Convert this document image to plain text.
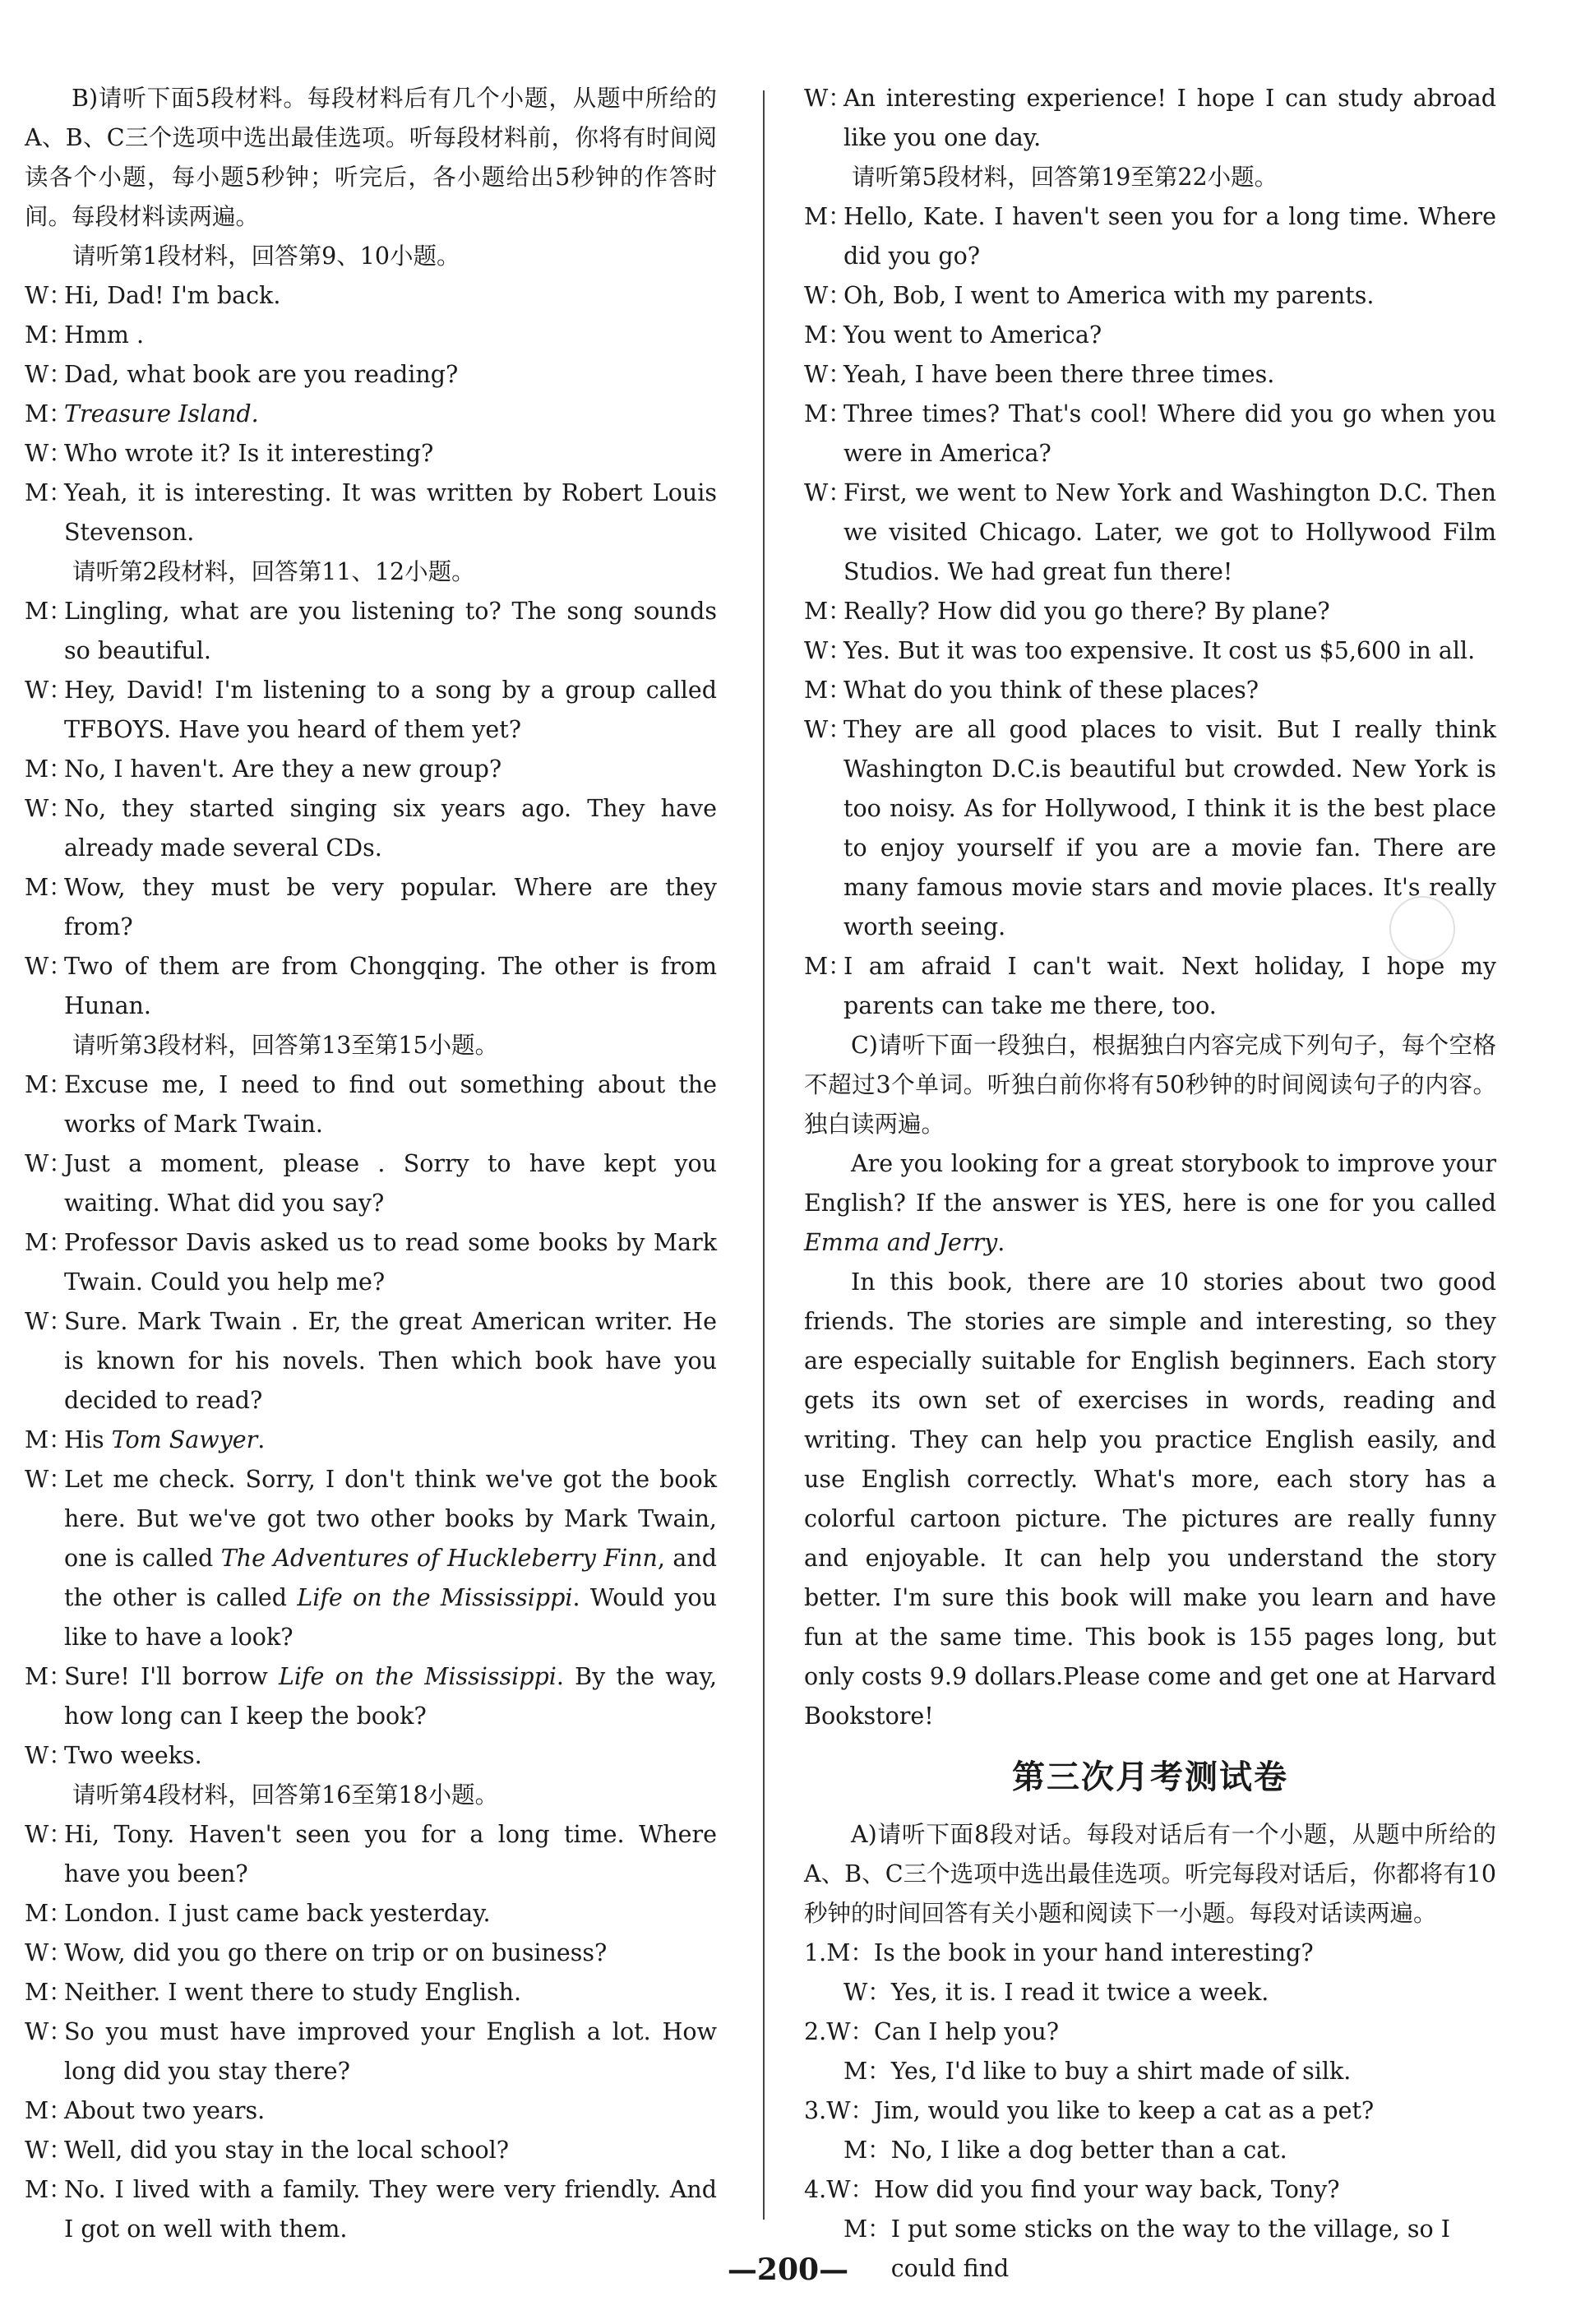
B)请听下面5段材料。每段材料后有几个小题，从题中所给的A、B、C三个选项中选出最佳选项。听每段材料前，你将有时间阅读各个小题，每小题5秒钟；听完后，各小题给出5秒钟的作答时间。每段材料读两遍。

请听第1段材料，回答第9、10小题。

W：
Hi, Dad! I'm back.
M：
Hmm .
W：
Dad, what book are you reading?
M：
Treasure Island.
W：
Who wrote it? Is it interesting?
M：
Yeah, it is interesting. It was written by Robert Louis Stevenson.

请听第2段材料，回答第11、12小题。

M：
Lingling, what are you listening to? The song sounds so beautiful.
W：
Hey, David! I'm listening to a song by a group called TFBOYS. Have you heard of them yet?
M：
No, I haven't. Are they a new group?
W：
No, they started singing six years ago. They have already made several CDs.
M：
Wow, they must be very popular. Where are they from?
W：
Two of them are from Chongqing. The other is from Hunan.

请听第3段材料，回答第13至第15小题。

M：
Excuse me, I need to find out something about the works of Mark Twain.
W：
Just a moment, please . Sorry to have kept you waiting. What did you say?
M：
Professor Davis asked us to read some books by Mark Twain. Could you help me?
W：
Sure. Mark Twain . Er, the great American writer. He is known for his novels. Then which book have you decided to read?
M：
His Tom Sawyer.
W：
Let me check. Sorry, I don't think we've got the book here. But we've got two other books by Mark Twain, one is called The Adventures of Huckleberry Finn, and the other is called Life on the Mississippi. Would you like to have a look?
M：
Sure! I'll borrow Life on the Mississippi. By the way, how long can I keep the book?
W：
Two weeks.

请听第4段材料，回答第16至第18小题。

W：
Hi, Tony. Haven't seen you for a long time. Where have you been?
M：
London. I just came back yesterday.
W：
Wow, did you go there on trip or on business?
M：
Neither. I went there to study English.
W：
So you must have improved your English a lot. How long did you stay there?
M：
About two years.
W：
Well, did you stay in the local school?
M：
No. I lived with a family. They were very friendly. And I got on well with them.
W：
An interesting experience! I hope I can study abroad like you one day.

请听第5段材料，回答第19至第22小题。

M：
Hello, Kate. I haven't seen you for a long time. Where did you go?
W：
Oh, Bob, I went to America with my parents.
M：
You went to America?
W：
Yeah, I have been there three times.
M：
Three times? That's cool! Where did you go when you were in America?
W：
First, we went to New York and Washington D.C. Then we visited Chicago. Later, we got to Hollywood Film Studios. We had great fun there!
M：
Really? How did you go there? By plane?
W：
Yes. But it was too expensive. It cost us $5,600 in all.
M：
What do you think of these places?
W：
They are all good places to visit. But I really think Washington D.C.is beautiful but crowded. New York is too noisy. As for Hollywood, I think it is the best place to enjoy yourself if you are a movie fan. There are many famous movie stars and movie places. It's really worth seeing.
M：
I am afraid I can't wait. Next holiday, I hope my parents can take me there, too.

C)请听下面一段独白，根据独白内容完成下列句子，每个空格不超过3个单词。听独白前你将有50秒钟的时间阅读句子的内容。独白读两遍。

Are you looking for a great storybook to improve your English? If the answer is YES, here is one for you called Emma and Jerry.

In this book, there are 10 stories about two good friends. The stories are simple and interesting, so they are especially suitable for English beginners. Each story gets its own set of exercises in words, reading and writing. They can help you practice English easily, and use English correctly. What's more, each story has a colorful cartoon picture. The pictures are really funny and enjoyable. It can help you understand the story better. I'm sure this book will make you learn and have fun at the same time. This book is 155 pages long, but only costs 9.9 dollars.Please come and get one at Harvard Bookstore!

第三次月考测试卷

A)请听下面8段对话。每段对话后有一个小题，从题中所给的A、B、C三个选项中选出最佳选项。听完每段对话后，你都将有10秒钟的时间回答有关小题和阅读下一小题。每段对话读两遍。

1.M： Is the book in your hand interesting?
W： Yes, it is. I read it twice a week.
2.W： Can I help you?
M： Yes, I'd like to buy a shirt made of silk.
3.W： Jim, would you like to keep a cat as a pet?
M： No, I like a dog better than a cat.
4.W： How did you find your way back, Tony?
M： I put some sticks on the way to the village, so I could find
—200—
